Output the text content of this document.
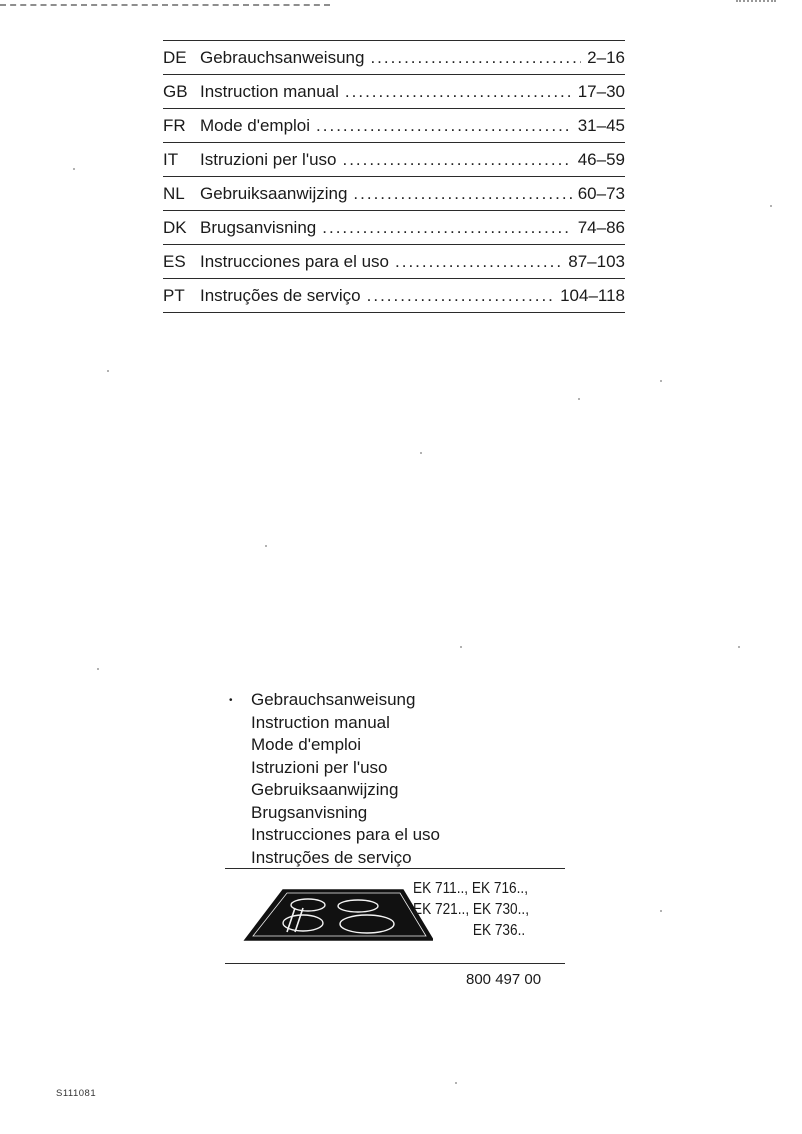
DE Gebrauchsanweisung .....	2–16
GB Instruction manual .....	17–30
FR Mode d'emploi .....	31–45
IT	Istruzioni per l'uso .....	46–59
NL Gebruiksaanwijzing .....	60–73
DK Brugsanvisning .....	74–86
ES Instrucciones para el uso .....	87–103
PT Instruções de serviço .....	104–118
• Gebrauchsanweisung
Instruction manual
Mode d'emploi
Istruzioni per l'uso
Gebruiksaanwijzing
Brugsanvisning
Instrucciones para el uso
Instruções de serviço
EK 711.., EK 716..,
EK 721.., EK 730..,
EK 736..
800 497 00
S111081
